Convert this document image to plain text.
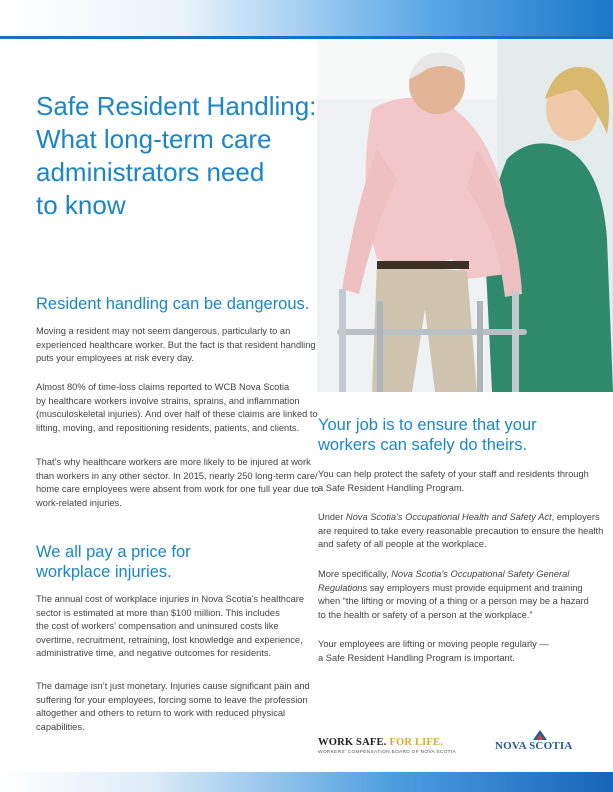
Safe Resident Handling:
What long-term care
administrators need
to know
Resident handling can be dangerous.

Moving a resident may not seem dangerous, particularly to an
experienced healthcare worker. But the fact is that resident handling
puts your employees at risk every day.

Almost 80% of time-loss claims reported to WCB Nova Scotia
by healthcare workers involve strains, sprains, and inflammation
(musculoskeletal injuries). And over half of these claims are linked to
lifting, moving, and repositioning residents, patients, and clients.

That’s why healthcare workers are more likely to be injured at work
than workers in any other sector. In 2015, nearly 250 long-term care/
home care employees were absent from work for one full year due to
work-related injuries.

We all pay a price for
workplace injuries.

The annual cost of workplace injuries in Nova Scotia’s healthcare
sector is estimated at more than $100 million. This includes
the cost of workers’ compensation and uninsured costs like
overtime, recruitment, retraining, lost knowledge and experience,
administrative time, and negative outcomes for residents.

The damage isn’t just monetary. Injuries cause significant pain and
suffering for your employees, forcing some to leave the profession
altogether and others to return to work with reduced physical
capabilities.

Your job is to ensure that your
workers can safely do theirs.

You can help protect the safety of your staff and residents through
a Safe Resident Handling Program.

Under Nova Scotia’s Occupational Health and Safety Act, employers
are required to take every reasonable precaution to ensure the health
and safety of all people at the workplace.

More specifically, Nova Scotia’s Occupational Safety General
Regulations say employers must provide equipment and training
when “the lifting or moving of a thing or a person may be a hazard
to the health or safety of a person at the workplace.”

Your employees are lifting or moving people regularly —
a Safe Resident Handling Program is important.

WORK SAFE. FOR LIFE.
WORKERS’ COMPENSATION BOARD OF NOVA SCOTIA
NOVA SCOTIA
